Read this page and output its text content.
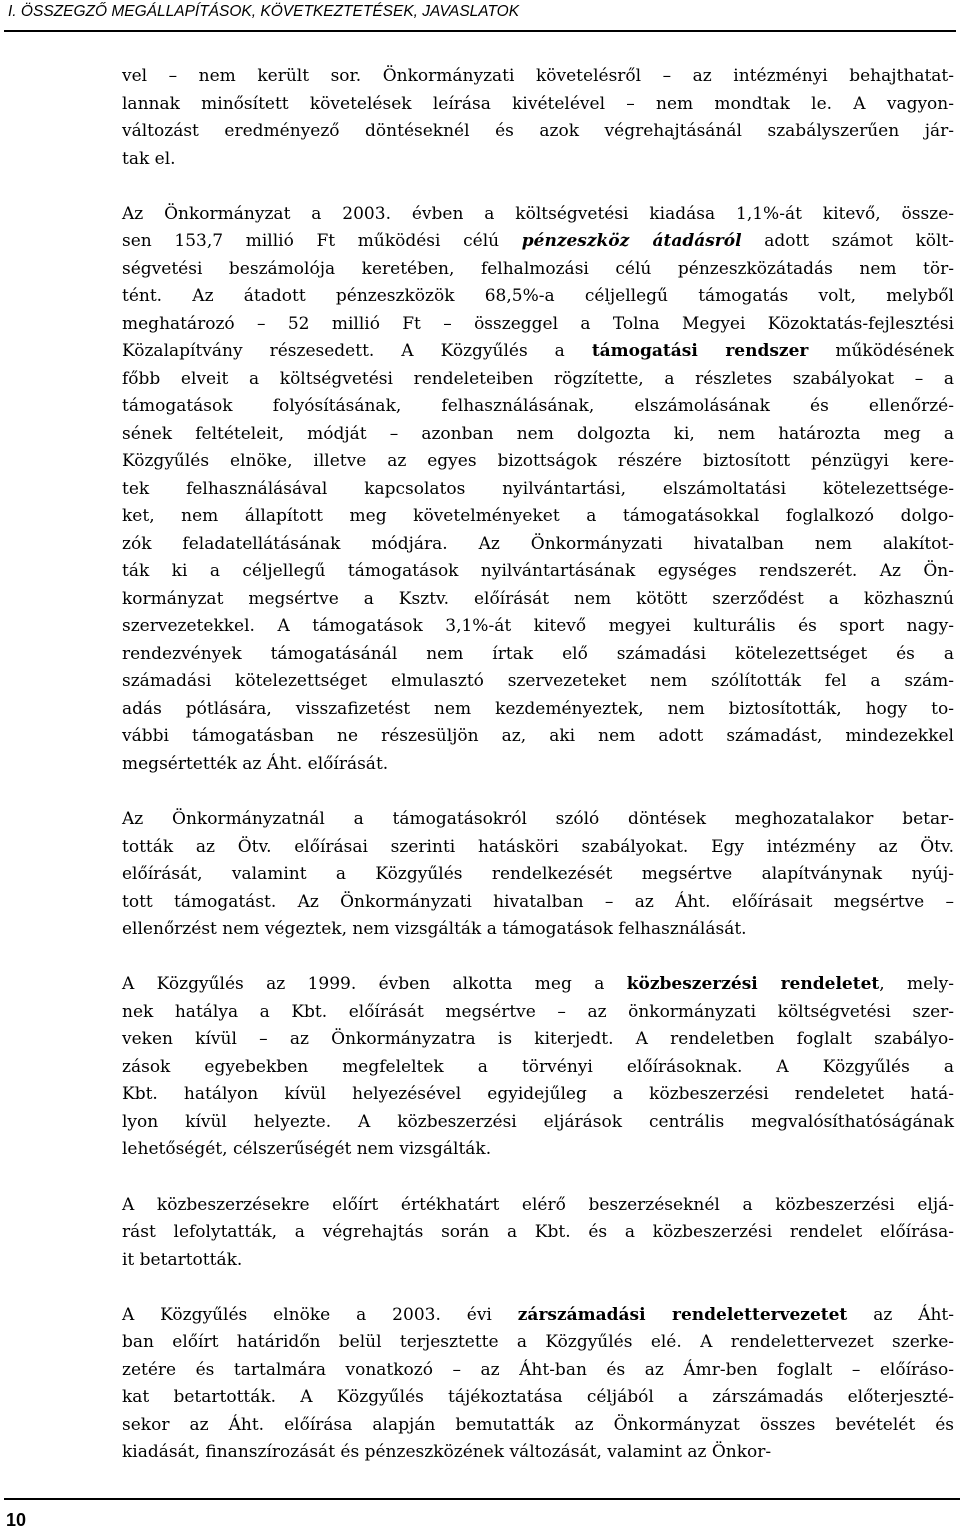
I. ÖSSZEGZŐ MEGÁLLAPÍTÁSOK, KÖVETKEZTETÉSEK, JAVASLATOK
vel – nem került sor. Önkormányzati követelésről – az intézményi behajthatat-
lannak minősített követelések leírása kivételével – nem mondtak le. A vagyon-
változást eredményező döntéseknél és azok végrehajtásánál szabályszerűen jár-
tak el.
Az Önkormányzat a 2003. évben a költségvetési kiadása 1,1%-át kitevő, össze-
sen 153,7 millió Ft működési célú pénzeszköz átadásról adott számot költ-
ségvetési beszámolója keretében, felhalmozási célú pénzeszközátadás nem tör-
tént. Az átadott pénzeszközök 68,5%-a céljellegű támogatás volt, melyből
meghatározó – 52 millió Ft – összeggel a Tolna Megyei Közoktatás-fejlesztési
Közalapítvány részesedett. A Közgyűlés a támogatási rendszer működésének
főbb elveit a költségvetési rendeleteiben rögzítette, a részletes szabályokat – a
támogatások folyósításának, felhasználásának, elszámolásának és ellenőrzé-
sének feltételeit, módját – azonban nem dolgozta ki, nem határozta meg a
Közgyűlés elnöke, illetve az egyes bizottságok részére biztosított pénzügyi kere-
tek felhasználásával kapcsolatos nyilvántartási, elszámoltatási kötelezettsége-
ket, nem állapított meg követelményeket a támogatásokkal foglalkozó dolgo-
zók feladatellátásának módjára. Az Önkormányzati hivatalban nem alakítot-
ták ki a céljellegű támogatások nyilvántartásának egységes rendszerét. Az Ön-
kormányzat megsértve a Ksztv. előírását nem kötött szerződést a közhasznú
szervezetekkel. A támogatások 3,1%-át kitevő megyei kulturális és sport nagy-
rendezvények támogatásánál nem írtak elő számadási kötelezettséget és a
számadási kötelezettséget elmulasztó szervezeteket nem szólították fel a szám-
adás pótlására, visszafizetést nem kezdeményeztek, nem biztosították, hogy to-
vábbi támogatásban ne részesüljön az, aki nem adott számadást, mindezekkel
megsértették az Áht. előírását.
Az Önkormányzatnál a támogatásokról szóló döntések meghozatalakor betar-
tották az Ötv. előírásai szerinti hatásköri szabályokat. Egy intézmény az Ötv.
előírását, valamint a Közgyűlés rendelkezését megsértve alapítványnak nyúj-
tott támogatást. Az Önkormányzati hivatalban – az Áht. előírásait megsértve –
ellenőrzést nem végeztek, nem vizsgálták a támogatások felhasználását.
A Közgyűlés az 1999. évben alkotta meg a közbeszerzési rendeletet, mely-
nek hatálya a Kbt. előírását megsértve – az önkormányzati költségvetési szer-
veken kívül – az Önkormányzatra is kiterjedt. A rendeletben foglalt szabályo-
zások egyebekben megfeleltek a törvényi előírásoknak. A Közgyűlés a
Kbt. hatályon kívül helyezésével egyidejűleg a közbeszerzési rendeletet hatá-
lyon kívül helyezte. A közbeszerzési eljárások centrális megvalósíthatóságának
lehetőségét, célszerűségét nem vizsgálták.
A közbeszerzésekre előírt értékhatárt elérő beszerzéseknél a közbeszerzési eljá-
rást lefolytatták, a végrehajtás során a Kbt. és a közbeszerzési rendelet előírása-
it betartották.
A Közgyűlés elnöke a 2003. évi zárszámadási rendelettervezetet az Áht-
ban előírt határidőn belül terjesztette a Közgyűlés elé. A rendelettervezet szerke-
zetére és tartalmára vonatkozó – az Áht-ban és az Ámr-ben foglalt – előíráso-
kat betartották. A Közgyűlés tájékoztatása céljából a zárszámadás előterjeszté-
sekor az Áht. előírása alapján bemutatták az Önkormányzat összes bevételét és
kiadását, finanszírozását és pénzeszközének változását, valamint az Önkor-
10
